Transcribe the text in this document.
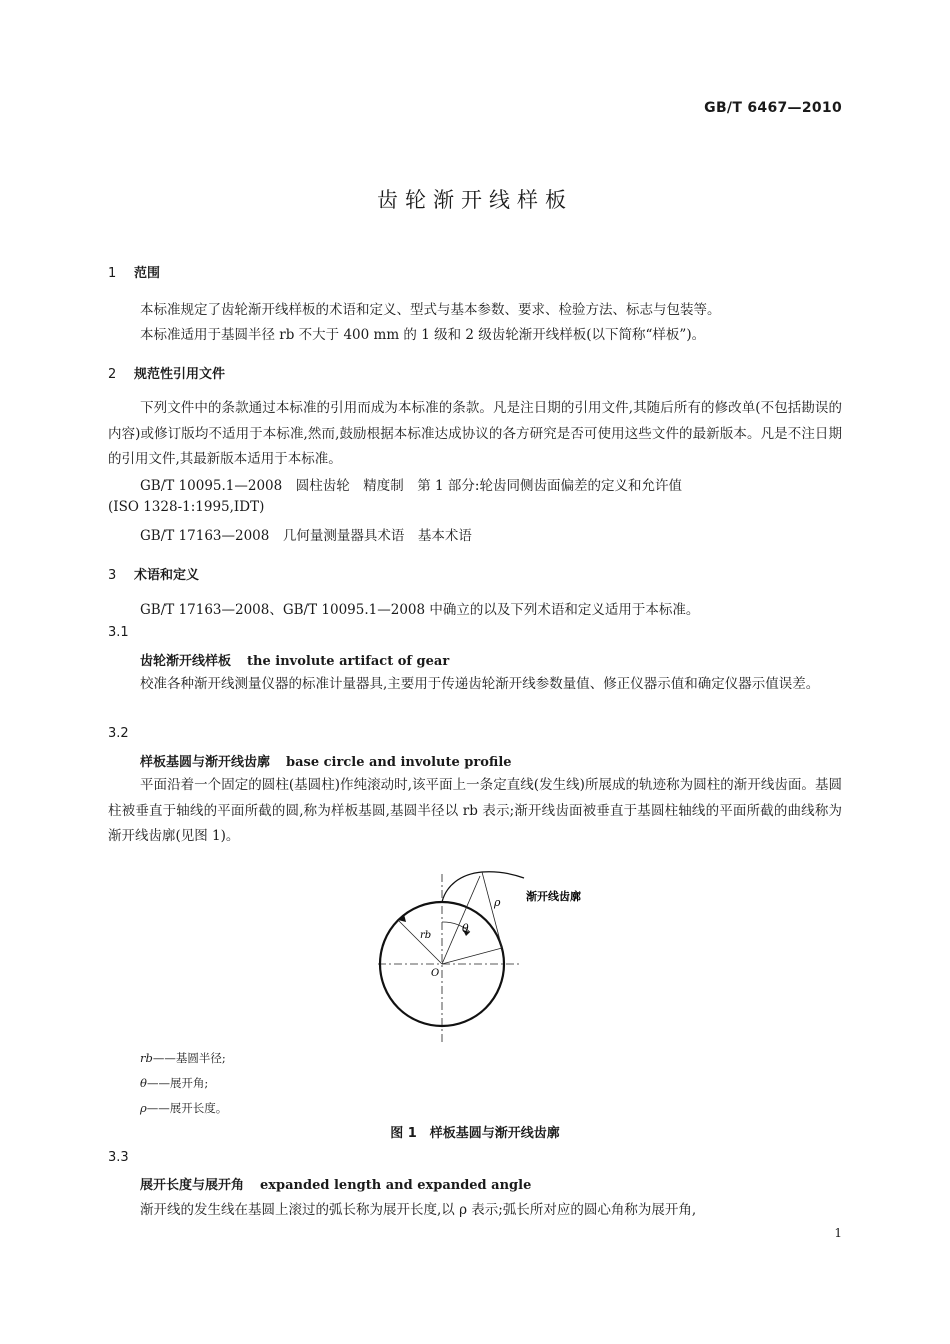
GB/T 6467—2010
齿轮渐开线样板
1 范围
本标准规定了齿轮渐开线样板的术语和定义、型式与基本参数、要求、检验方法、标志与包装等。
本标准适用于基圆半径 rb 不大于 400 mm 的 1 级和 2 级齿轮渐开线样板(以下简称“样板”)。
2 规范性引用文件
下列文件中的条款通过本标准的引用而成为本标准的条款。凡是注日期的引用文件,其随后所有的修改单(不包括勘误的内容)或修订版均不适用于本标准,然而,鼓励根据本标准达成协议的各方研究是否可使用这些文件的最新版本。凡是不注日期的引用文件,其最新版本适用于本标准。
GB/T 10095.1—2008　圆柱齿轮　精度制　第 1 部分:轮齿同侧齿面偏差的定义和允许值
(ISO 1328-1:1995,IDT)
GB/T 17163—2008　几何量测量器具术语　基本术语
3 术语和定义
GB/T 17163—2008、GB/T 10095.1—2008 中确立的以及下列术语和定义适用于本标准。
3.1
齿轮渐开线样板 the involute artifact of gear
校准各种渐开线测量仪器的标准计量器具,主要用于传递齿轮渐开线参数量值、修正仪器示值和确定仪器示值误差。
3.2
样板基圆与渐开线齿廓 base circle and involute profile
平面沿着一个固定的圆柱(基圆柱)作纯滚动时,该平面上一条定直线(发生线)所展成的轨迹称为圆柱的渐开线齿面。基圆柱被垂直于轴线的平面所截的圆,称为样板基圆,基圆半径以 rb 表示;渐开线齿面被垂直于基圆柱轴线的平面所截的曲线称为渐开线齿廓(见图 1)。
ρ
θ
rb
O
渐开线齿廓
rb——基圆半径;
θ——展开角;
ρ——展开长度。
图 1　样板基圆与渐开线齿廓
3.3
展开长度与展开角 expanded length and expanded angle
渐开线的发生线在基圆上滚过的弧长称为展开长度,以 ρ 表示;弧长所对应的圆心角称为展开角,
1
